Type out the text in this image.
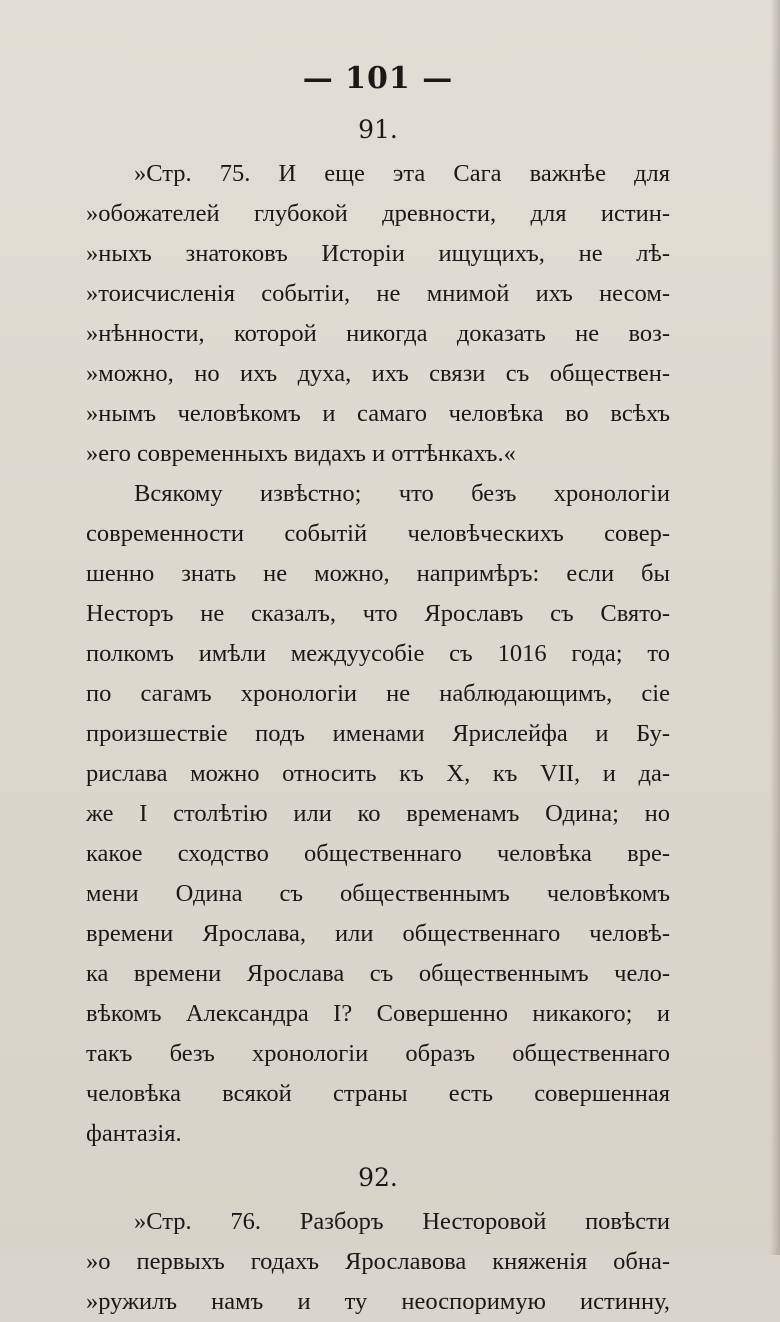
— 101 —
91.
»Стр. 75. И еще эта Сага важнѣе для
»обожателей глубокой древности, для истин-
»ныхъ знатоковъ Исторіи ищущихъ, не лѣ-
»тоисчисленія событіи, не мнимой ихъ несом-
»нѣнности, которой никогда доказать не воз-
»можно, но ихъ духа, ихъ связи съ обществен-
»нымъ человѣкомъ и самаго человѣка во всѣхъ
»его современныхъ видахъ и оттѣнкахъ.«
Всякому извѣстно; что безъ хронологіи
современности событій человѣческихъ совер-
шенно знать не можно, напримѣръ: если бы
Несторъ не сказалъ, что Ярославъ съ Свято-
полкомъ имѣли междуусобіе съ 1016 года; то
по сагамъ хронологіи не наблюдающимъ, сіе
произшествіе подъ именами Ярислейфа и Бу-
рислава можно относить къ X, къ VII, и да-
же I столѣтію или ко временамъ Одина; но
какое сходство общественнаго человѣка вре-
мени Одина съ общественнымъ человѣкомъ
времени Ярослава, или общественнаго человѣ-
ка времени Ярослава съ общественнымъ чело-
вѣкомъ Александра I? Совершенно никакого; и
такъ безъ хронологіи образъ общественнаго
человѣка всякой страны есть совершенная
фантазія.
92.
»Стр. 76. Разборъ Несторовой повѣсти
»о первыхъ годахъ Ярославова княженія обна-
»ружилъ намъ и ту неоспоримую истинну,
